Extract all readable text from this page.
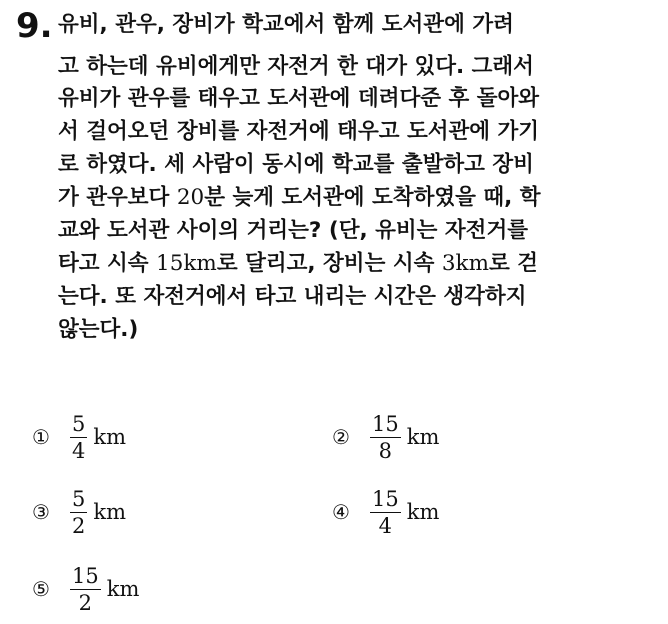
9. 유비, 관우, 장비가 학교에서 함께 도서관에 가려
고 하는데 유비에게만 자전거 한 대가 있다. 그래서
유비가 관우를 태우고 도서관에 데려다준 후 돌아와
서 걸어오던 장비를 자전거에 태우고 도서관에 가기
로 하였다. 세 사람이 동시에 학교를 출발하고 장비
가 관우보다 20분 늦게 도서관에 도착하였을 때, 학
교와 도서관 사이의 거리는? (단, 유비는 자전거를
타고 시속 15km로 달리고, 장비는 시속 3km로 걷
는다. 또 자전거에서 타고 내리는 시간은 생각하지
않는다.)
① $\frac{5}{4}$ km	② $\frac{15}{8}$ km
③ $\frac{5}{2}$ km	④ $\frac{15}{4}$ km
⑤ $\frac{15}{2}$ km
